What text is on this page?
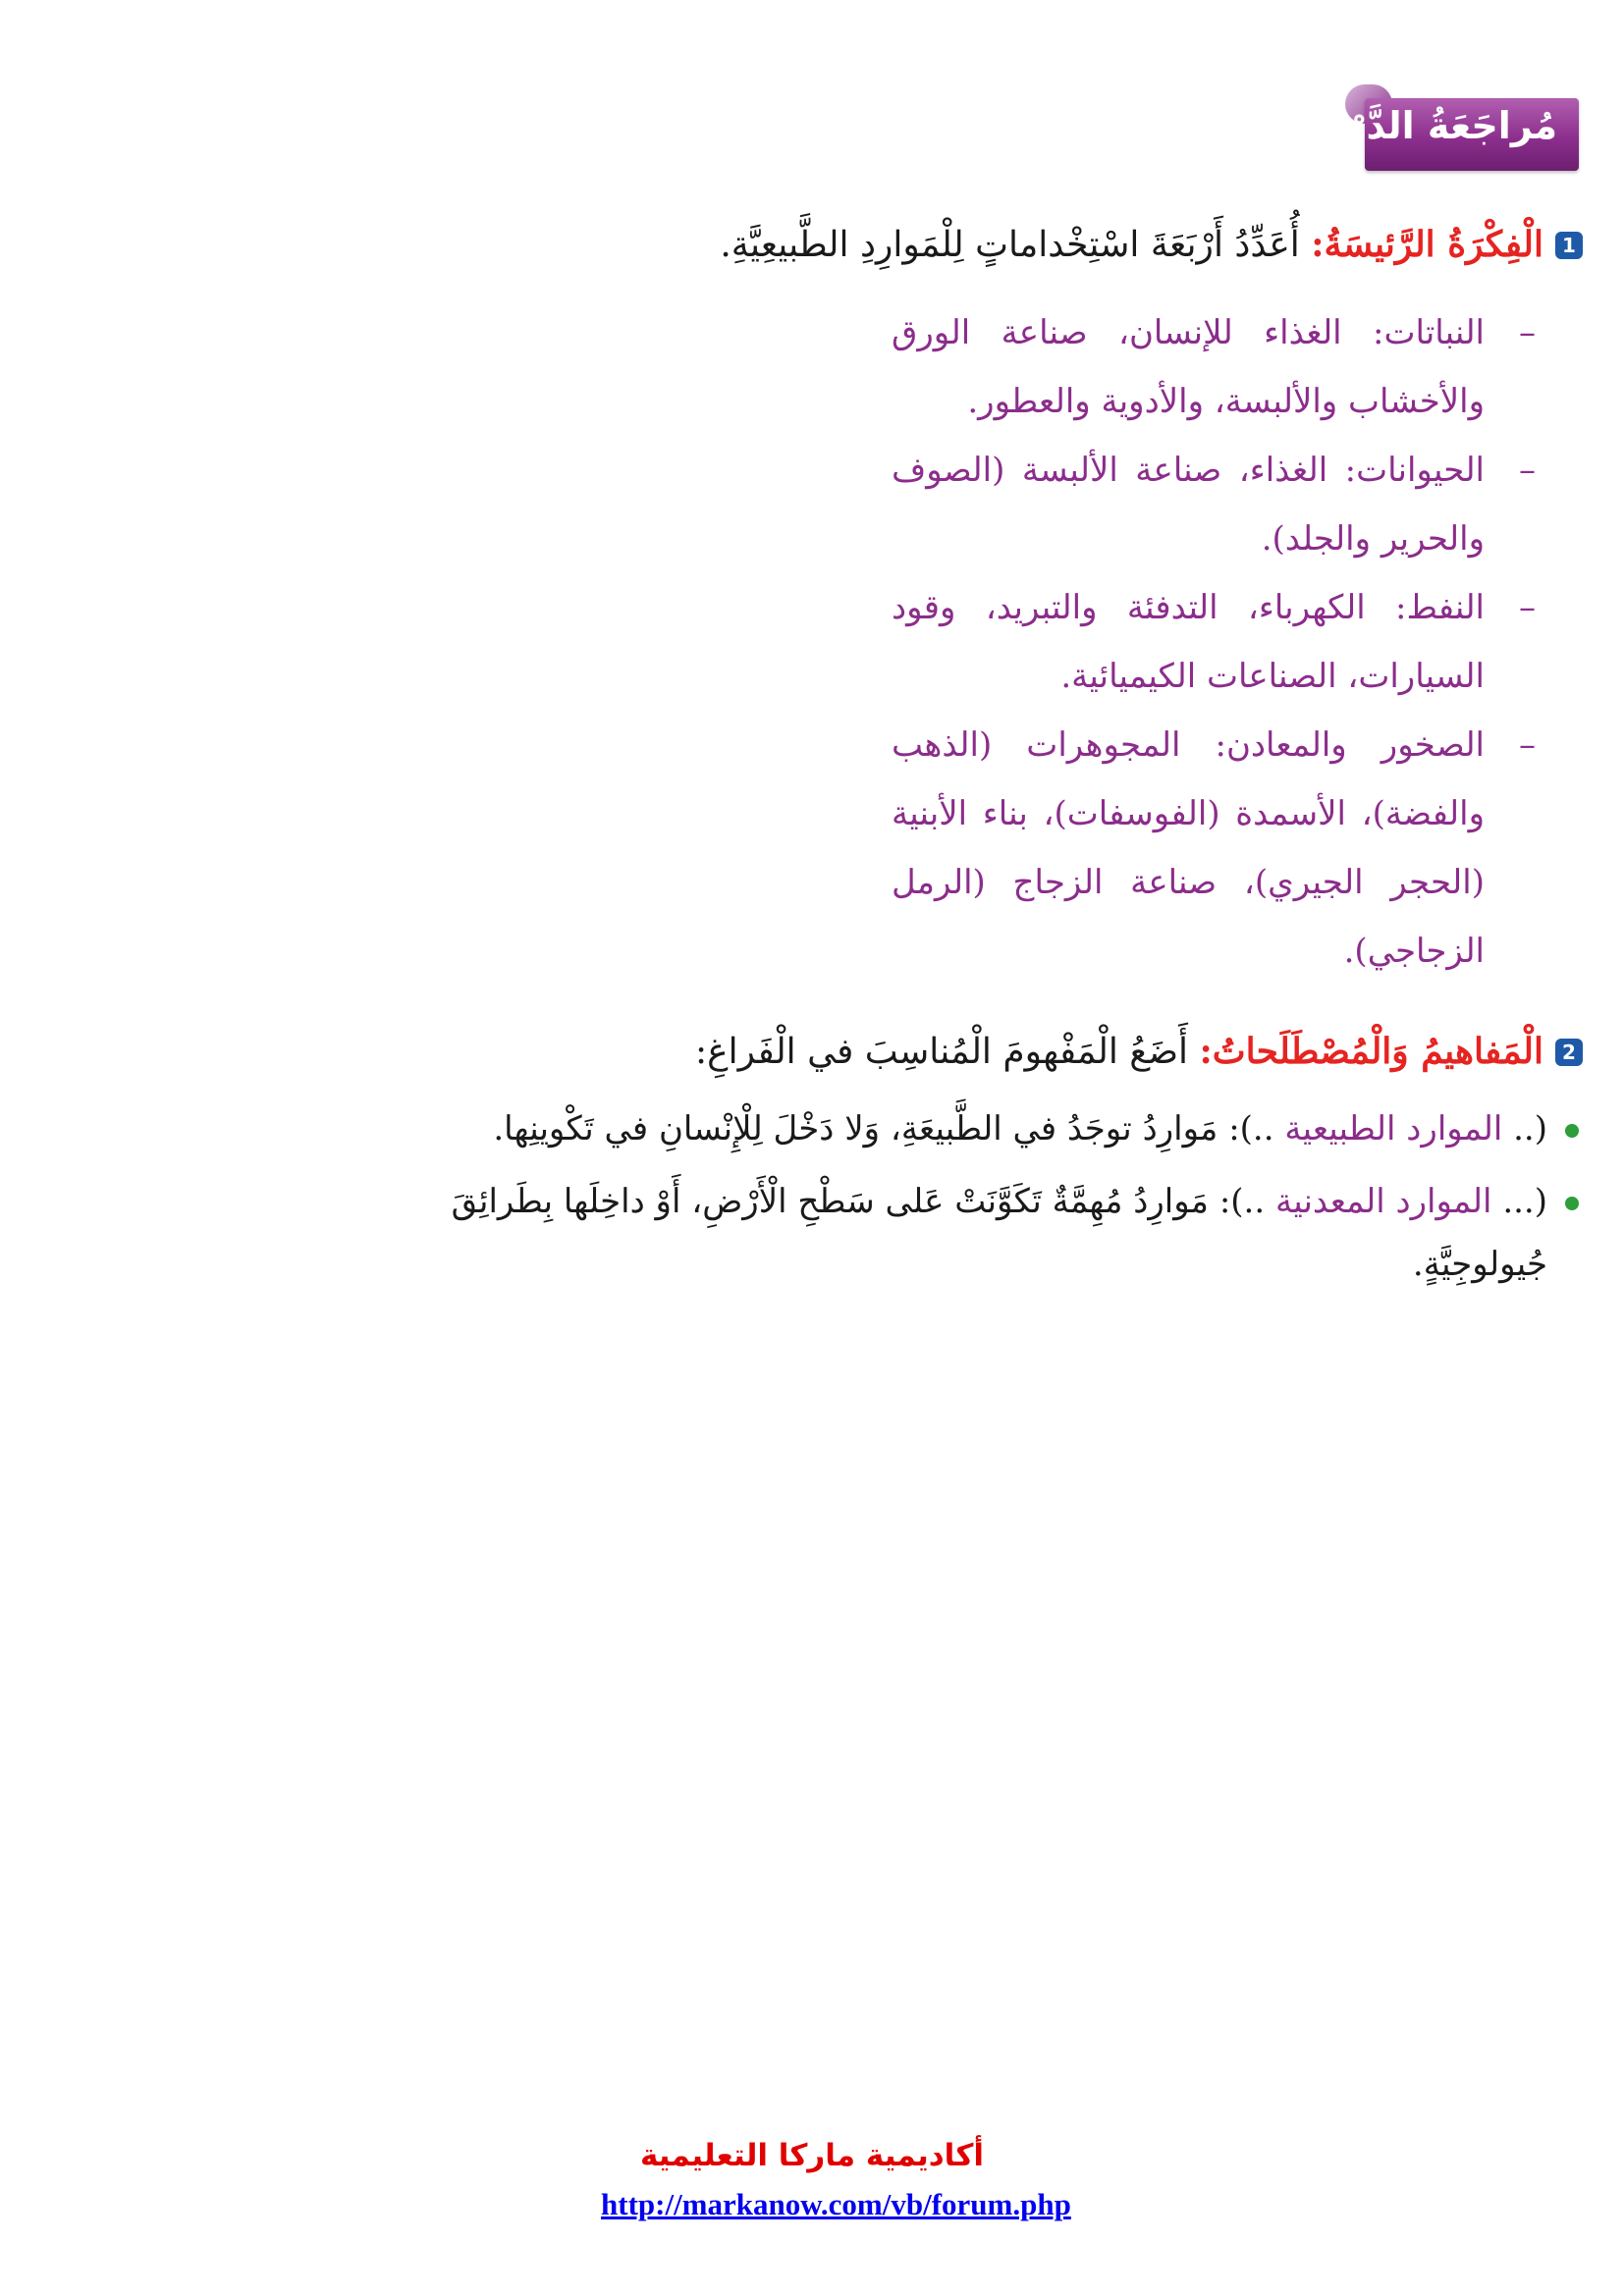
مُراجَعَةُ الدَّرْسِ
1الْفِكْرَةُ الرَّئيسَةُ: أُعَدِّدُ أَرْبَعَةَ اسْتِخْداماتٍ لِلْمَوارِدِ الطَّبيعِيَّةِ.
–
النباتات: الغذاء للإنسان، صناعة الورق والأخشاب والألبسة، والأدوية والعطور.
–
الحيوانات: الغذاء، صناعة الألبسة (الصوف والحرير والجلد).
–
النفط: الكهرباء، التدفئة والتبريد، وقود السيارات، الصناعات الكيميائية.
–
الصخور والمعادن: المجوهرات (الذهب والفضة)، الأسمدة (الفوسفات)، بناء الأبنية (الحجر الجيري)، صناعة الزجاج (الرمل الزجاجي).
2الْمَفاهيمُ وَالْمُصْطَلَحاتُ: أَضَعُ الْمَفْهومَ الْمُناسِبَ في الْفَراغِ:
(.. الموارد الطبيعية ..): مَوارِدُ توجَدُ في الطَّبيعَةِ، وَلا دَخْلَ لِلْإِنْسانِ في تَكْوينِها.
(... الموارد المعدنية ..): مَوارِدُ مُهِمَّةٌ تَكَوَّنَتْ عَلى سَطْحِ الْأَرْضِ، أَوْ داخِلَها بِطَرائِقَ جُيولوجِيَّةٍ.
أكاديمية ماركا التعليمية
http://markanow.com/vb/forum.php
